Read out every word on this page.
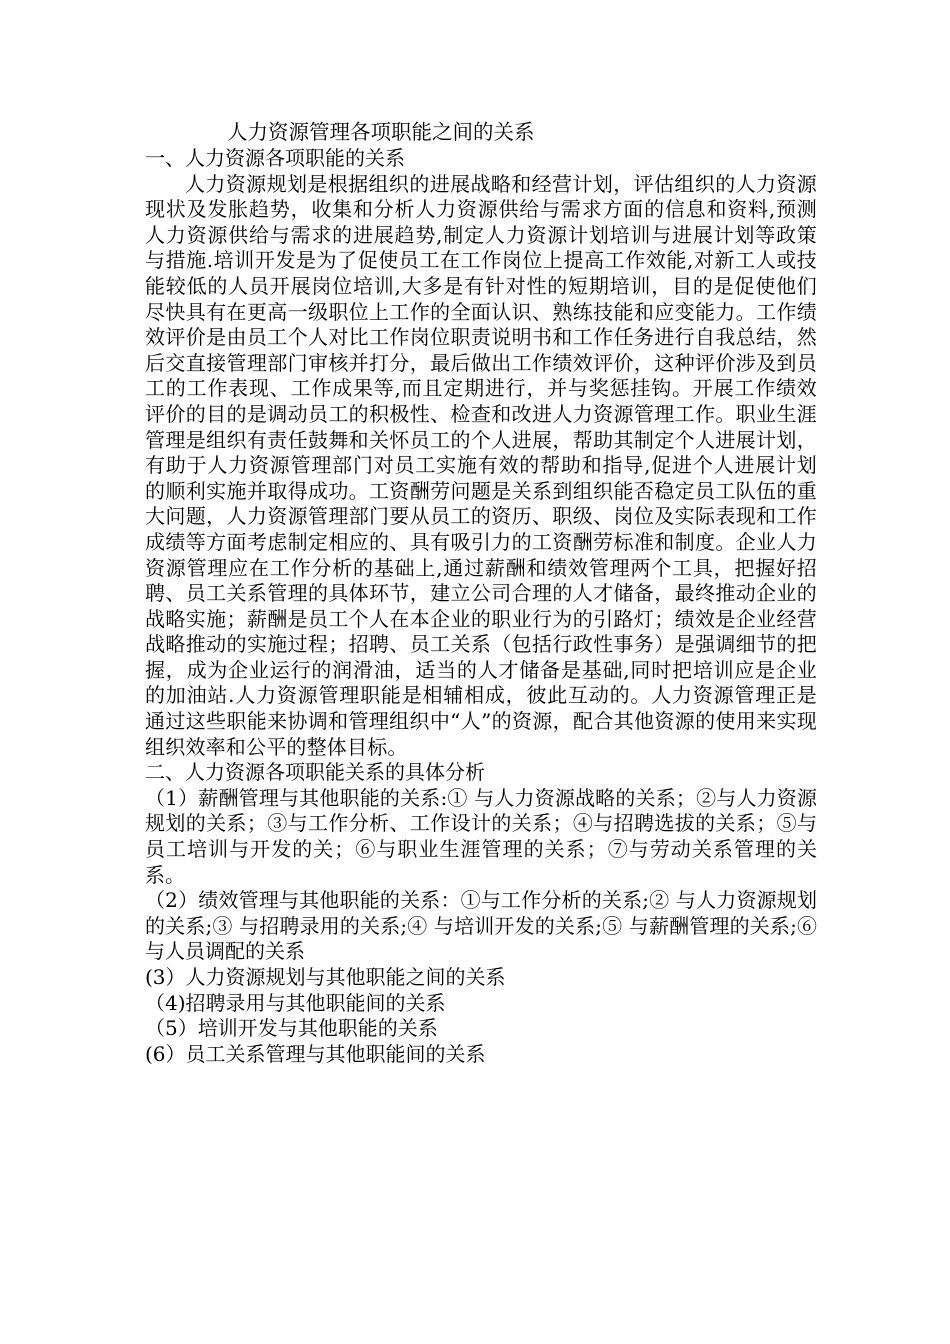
人力资源管理各项职能之间的关系
一、人力资源各项职能的关系

人力资源规划是根据组织的进展战略和经营计划，评估组织的人力资源现状及发胀趋势，收集和分析人力资源供给与需求方面的信息和资料,预测人力资源供给与需求的进展趋势,制定人力资源计划培训与进展计划等政策与措施.培训开发是为了促使员工在工作岗位上提高工作效能,对新工人或技能较低的人员开展岗位培训,大多是有针对性的短期培训，目的是促使他们尽快具有在更高一级职位上工作的全面认识、熟练技能和应变能力。工作绩效评价是由员工个人对比工作岗位职责说明书和工作任务进行自我总结，然后交直接管理部门审核并打分，最后做出工作绩效评价，这种评价涉及到员工的工作表现、工作成果等,而且定期进行，并与奖惩挂钩。开展工作绩效评价的目的是调动员工的积极性、检查和改进人力资源管理工作。职业生涯管理是组织有责任鼓舞和关怀员工的个人进展，帮助其制定个人进展计划，有助于人力资源管理部门对员工实施有效的帮助和指导,促进个人进展计划的顺利实施并取得成功。工资酬劳问题是关系到组织能否稳定员工队伍的重大问题，人力资源管理部门要从员工的资历、职级、岗位及实际表现和工作成绩等方面考虑制定相应的、具有吸引力的工资酬劳标准和制度。企业人力资源管理应在工作分析的基础上,通过薪酬和绩效管理两个工具，把握好招聘、员工关系管理的具体环节，建立公司合理的人才储备，最终推动企业的战略实施；薪酬是员工个人在本企业的职业行为的引路灯；绩效是企业经营战略推动的实施过程；招聘、员工关系（包括行政性事务）是强调细节的把握，成为企业运行的润滑油，适当的人才储备是基础,同时把培训应是企业的加油站.人力资源管理职能是相辅相成，彼此互动的。人力资源管理正是通过这些职能来协调和管理组织中“人”的资源，配合其他资源的使用来实现组织效率和公平的整体目标。

二、人力资源各项职能关系的具体分析

（1）薪酬管理与其他职能的关系:① 与人力资源战略的关系；②与人力资源规划的关系；③与工作分析、工作设计的关系；④与招聘选拔的关系；⑤与员工培训与开发的关；⑥与职业生涯管理的关系；⑦与劳动关系管理的关系。

（2）绩效管理与其他职能的关系：①与工作分析的关系;② 与人力资源规划的关系;③ 与招聘录用的关系;④ 与培训开发的关系;⑤ 与薪酬管理的关系;⑥ 与人员调配的关系

(3）人力资源规划与其他职能之间的关系

（4)招聘录用与其他职能间的关系

（5）培训开发与其他职能的关系

(6）员工关系管理与其他职能间的关系
